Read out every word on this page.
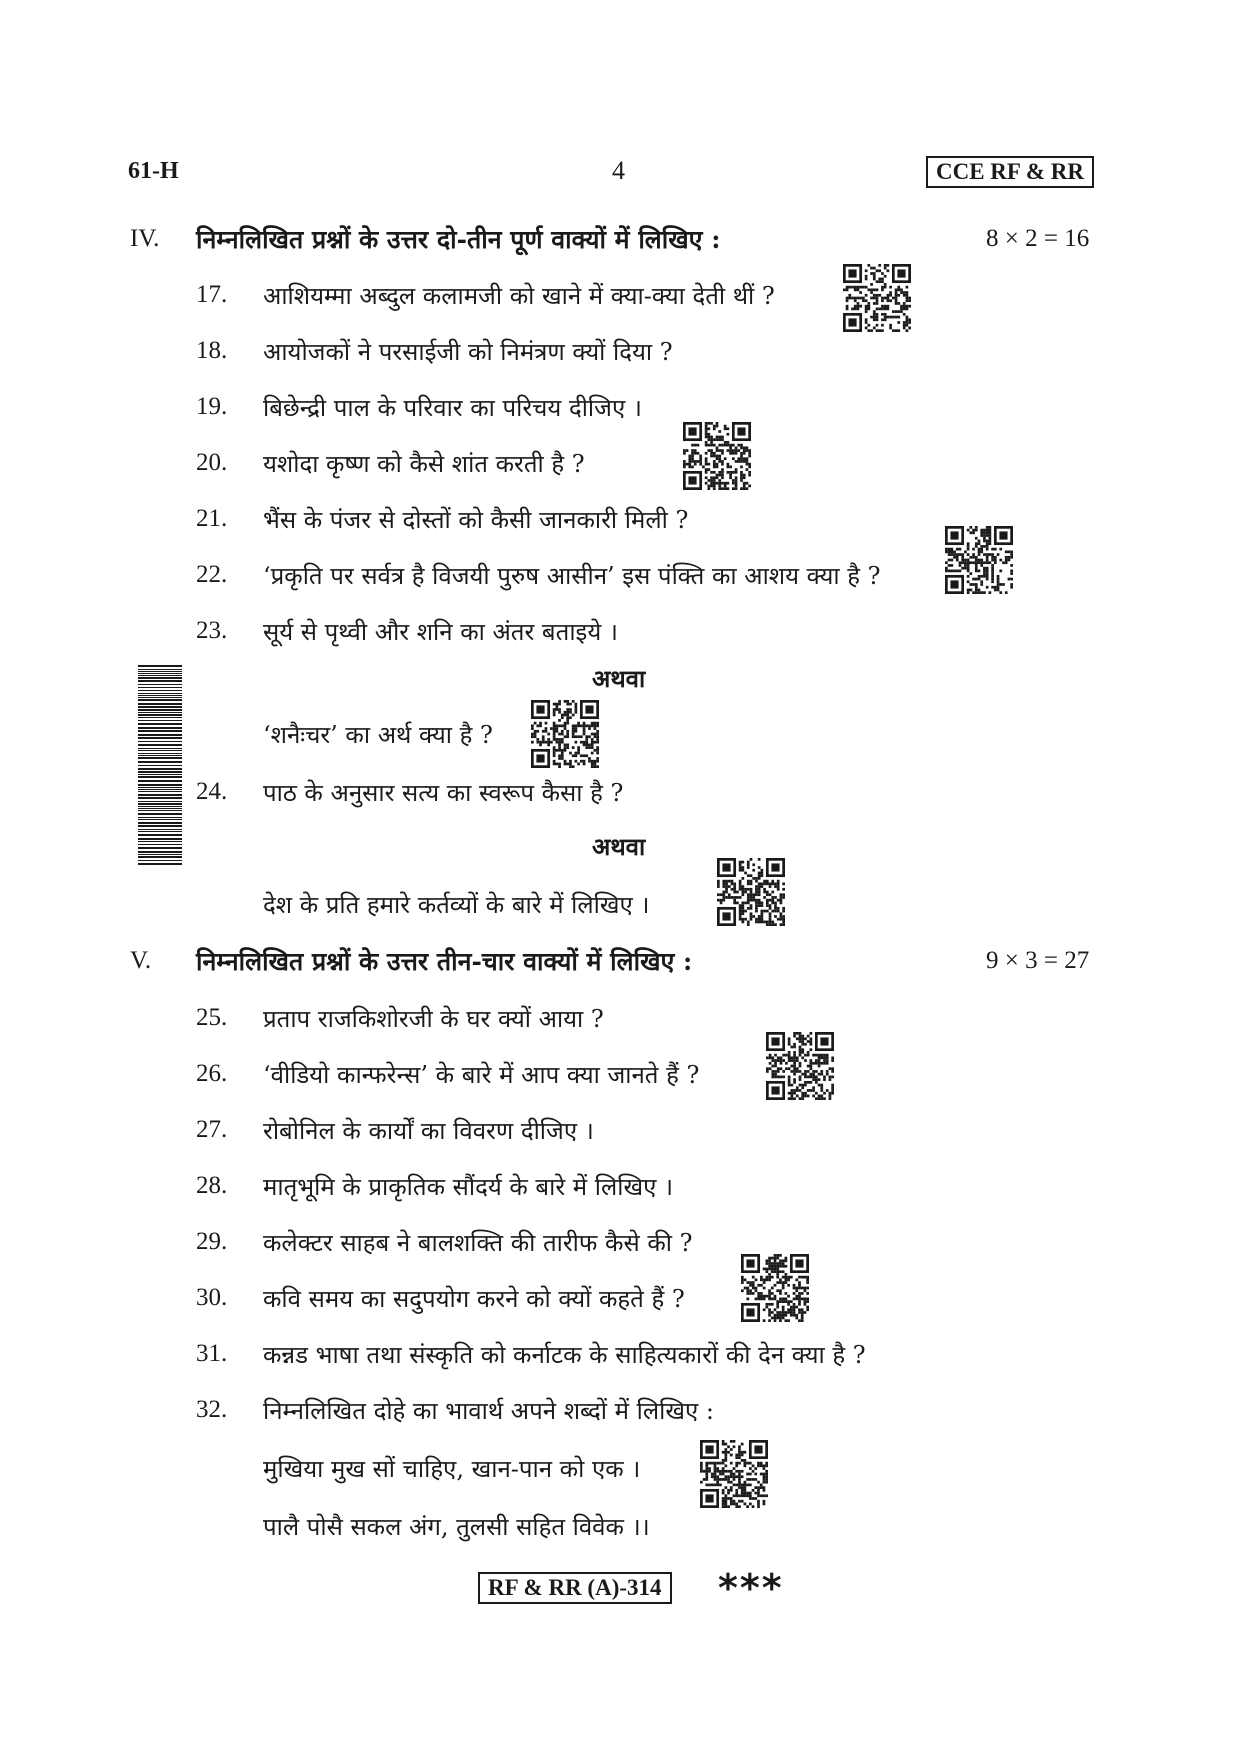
61-H	4	CCE RF & RR
IV. निम्नलिखित प्रश्नों के उत्तर दो-तीन पूर्ण वाक्यों में लिखिए :	8 × 2 = 16
17.	आशियम्मा अब्दुल कलामजी को खाने में क्या-क्या देती थीं ?
18.	आयोजकों ने परसाईजी को निमंत्रण क्यों दिया ?
19.	बिछेन्द्री पाल के परिवार का परिचय दीजिए ।
20.	यशोदा कृष्ण को कैसे शांत करती है ?
21.	भैंस के पंजर से दोस्तों को कैसी जानकारी मिली ?
22.	‘प्रकृति पर सर्वत्र है विजयी पुरुष आसीन’ इस पंक्ति का आशय क्या है ?
23.	सूर्य से पृथ्वी और शनि का अंतर बताइये ।
अथवा
‘शनैःचर’ का अर्थ क्या है ?
24.	पाठ के अनुसार सत्य का स्वरूप कैसा है ?
अथवा
देश के प्रति हमारे कर्तव्यों के बारे में लिखिए ।
V. निम्नलिखित प्रश्नों के उत्तर तीन-चार वाक्यों में लिखिए :	9 × 3 = 27
25.	प्रताप राजकिशोरजी के घर क्यों आया ?
26.	‘वीडियो कान्फरेन्स’ के बारे में आप क्या जानते हैं ?
27.	रोबोनिल के कार्यों का विवरण दीजिए ।
28.	मातृभूमि के प्राकृतिक सौंदर्य के बारे में लिखिए ।
29.	कलेक्टर साहब ने बालशक्ति की तारीफ कैसे की ?
30.	कवि समय का सदुपयोग करने को क्यों कहते हैं ?
31.	कन्नड भाषा तथा संस्कृति को कर्नाटक के साहित्यकारों की देन क्या है ?
32.	निम्नलिखित दोहे का भावार्थ अपने शब्दों में लिखिए :
मुखिया मुख सों चाहिए, खान-पान को एक ।
पालै पोसै सकल अंग, तुलसी सहित विवेक ।।
RF & RR (A)-314 ***
